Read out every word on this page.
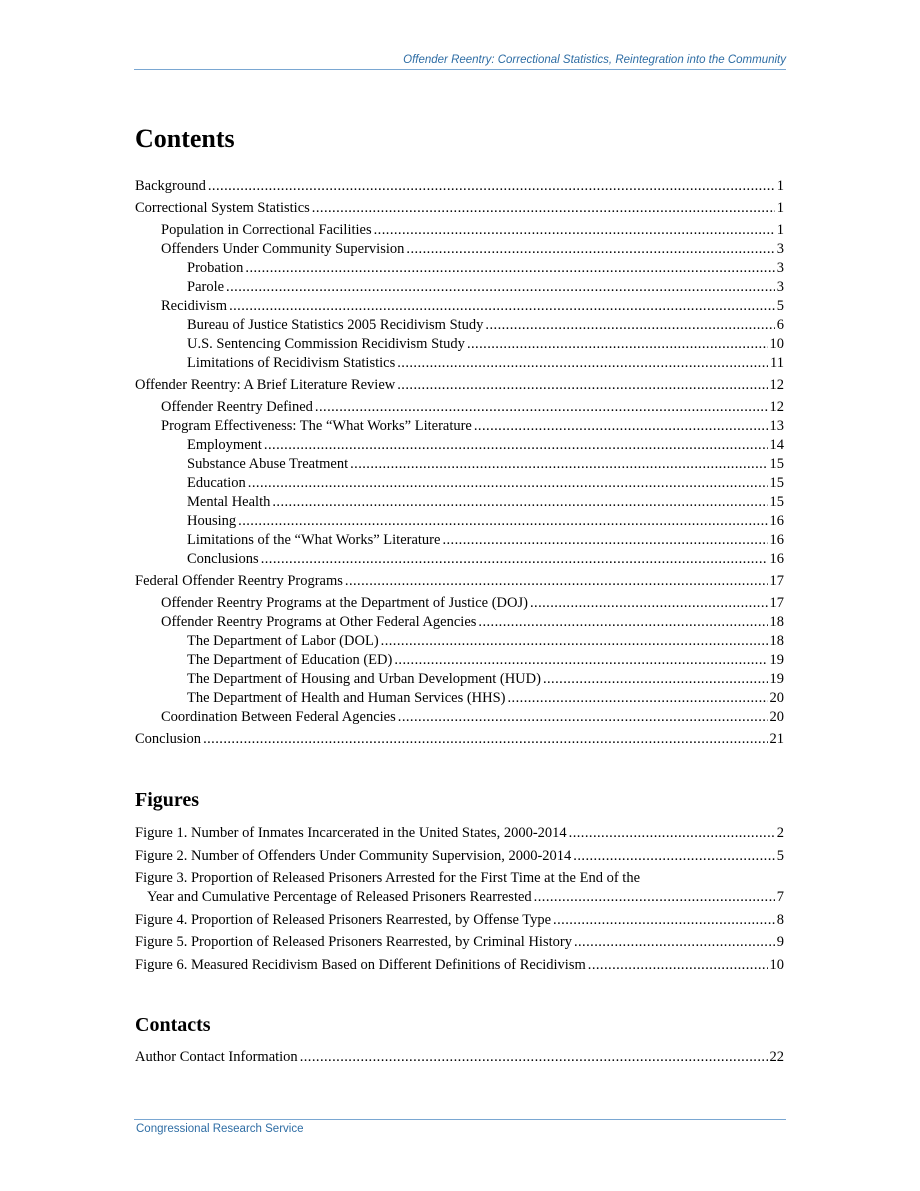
Offender Reentry: Correctional Statistics, Reintegration into the Community
Contents
Background . . .	1
Correctional System Statistics . . .	1
Population in Correctional Facilities . . .	1
Offenders Under Community Supervision . . .	3
Probation . . .	3
Parole . . .	3
Recidivism . . .	5
Bureau of Justice Statistics 2005 Recidivism Study . . .	6
U.S. Sentencing Commission Recidivism Study . . .	10
Limitations of Recidivism Statistics . . .	11
Offender Reentry: A Brief Literature Review . . .	12
Offender Reentry Defined . . .	12
Program Effectiveness: The “What Works” Literature . . .	13
Employment . . .	14
Substance Abuse Treatment . . .	15
Education . . .	15
Mental Health . . .	15
Housing . . .	16
Limitations of the “What Works” Literature . . .	16
Conclusions . . .	16
Federal Offender Reentry Programs . . .	17
Offender Reentry Programs at the Department of Justice (DOJ) . . .	17
Offender Reentry Programs at Other Federal Agencies . . .	18
The Department of Labor (DOL) . . .	18
The Department of Education (ED) . . .	19
The Department of Housing and Urban Development (HUD) . . .	19
The Department of Health and Human Services (HHS) . . .	20
Coordination Between Federal Agencies . . .	20
Conclusion . . .	21
Figures
Figure 1. Number of Inmates Incarcerated in the United States, 2000-2014 . . .	2
Figure 2. Number of Offenders Under Community Supervision, 2000-2014 . . .	5
Figure 3. Proportion of Released Prisoners Arrested for the First Time at the End of the
Year and Cumulative Percentage of Released Prisoners Rearrested . . .	7
Figure 4. Proportion of Released Prisoners Rearrested, by Offense Type . . .	8
Figure 5. Proportion of Released Prisoners Rearrested, by Criminal History . . .	9
Figure 6. Measured Recidivism Based on Different Definitions of Recidivism . . .	10
Contacts
Author Contact Information . . .	22
Congressional Research Service
